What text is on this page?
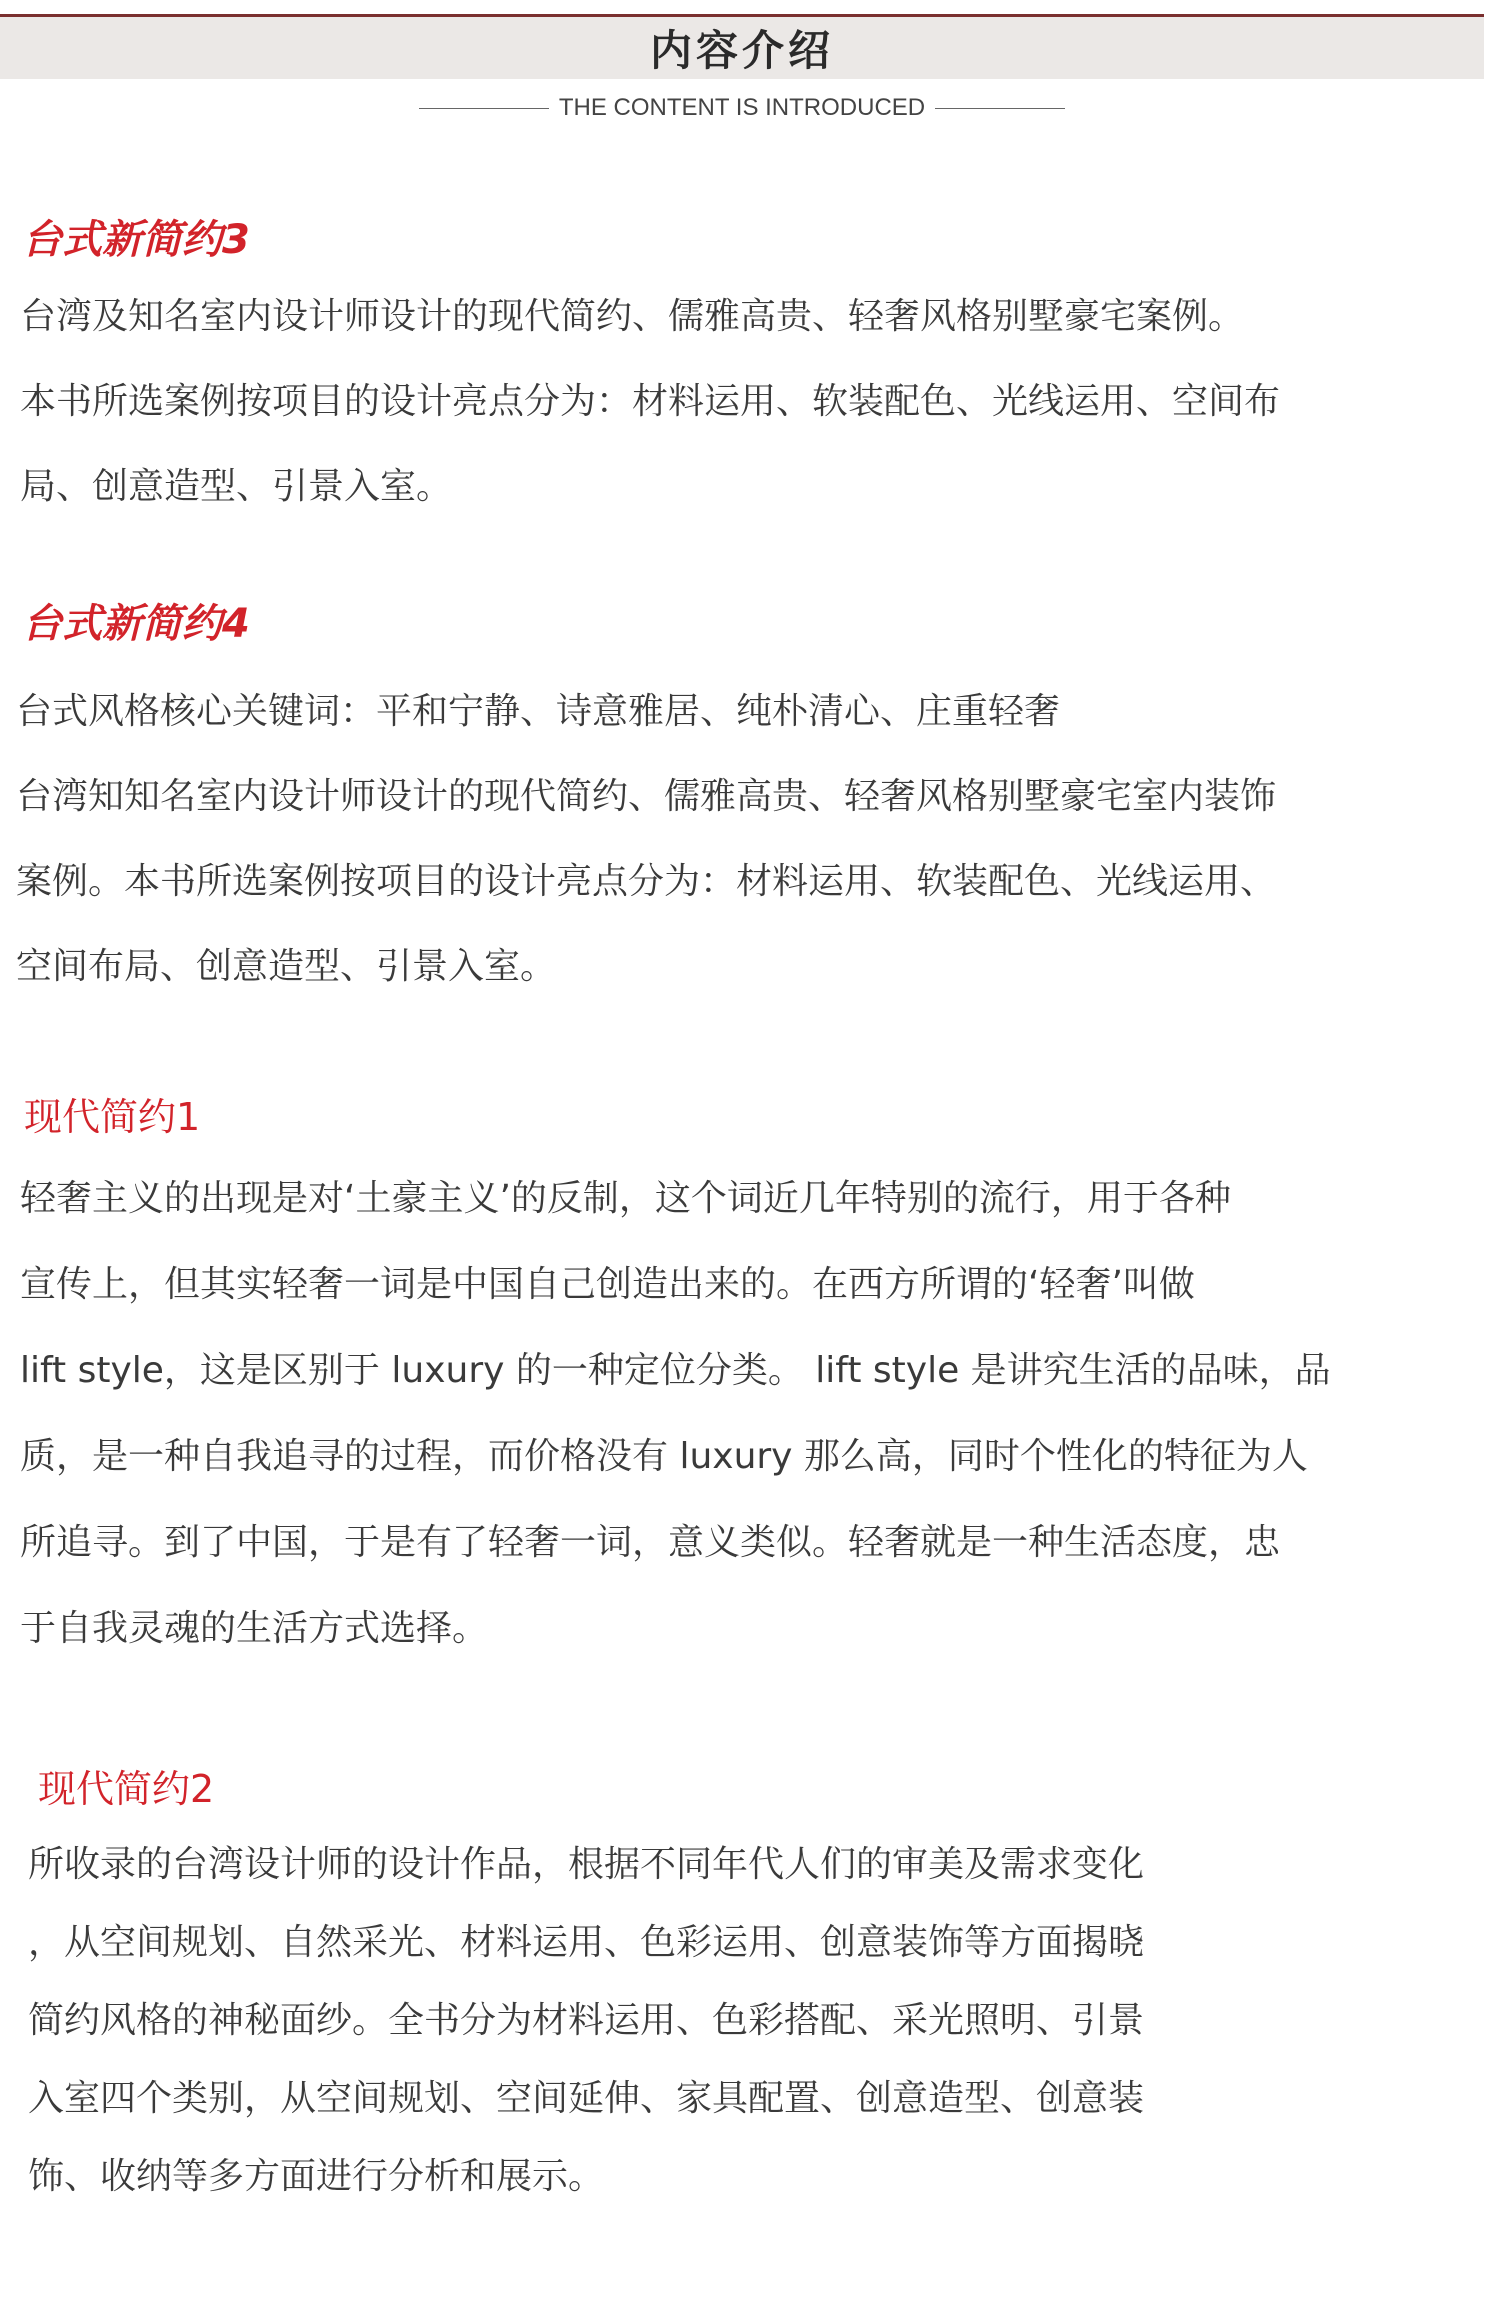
内容介绍
THE CONTENT IS INTRODUCED
台式新简约3
台湾及知名室内设计师设计的现代简约、儒雅高贵、轻奢风格别墅豪宅案例。
本书所选案例按项目的设计亮点分为：材料运用、软装配色、光线运用、空间布
局、创意造型、引景入室。
台式新简约4
台式风格核心关键词：平和宁静、诗意雅居、纯朴清心、庄重轻奢
台湾知知名室内设计师设计的现代简约、儒雅高贵、轻奢风格别墅豪宅室内装饰
案例。本书所选案例按项目的设计亮点分为：材料运用、软装配色、光线运用、
空间布局、创意造型、引景入室。
现代简约1
轻奢主义的出现是对‘土豪主义’的反制，这个词近几年特别的流行，用于各种
宣传上，但其实轻奢一词是中国自己创造出来的。在西方所谓的‘轻奢’叫做
lift style，这是区别于 luxury 的一种定位分类。 lift style 是讲究生活的品味，品
质，是一种自我追寻的过程，而价格没有 luxury 那么高，同时个性化的特征为人
所追寻。到了中国，于是有了轻奢一词，意义类似。轻奢就是一种生活态度，忠
于自我灵魂的生活方式选择。
现代简约2
所收录的台湾设计师的设计作品，根据不同年代人们的审美及需求变化
，从空间规划、自然采光、材料运用、色彩运用、创意装饰等方面揭晓
简约风格的神秘面纱。全书分为材料运用、色彩搭配、采光照明、引景
入室四个类别，从空间规划、空间延伸、家具配置、创意造型、创意装
饰、收纳等多方面进行分析和展示。
